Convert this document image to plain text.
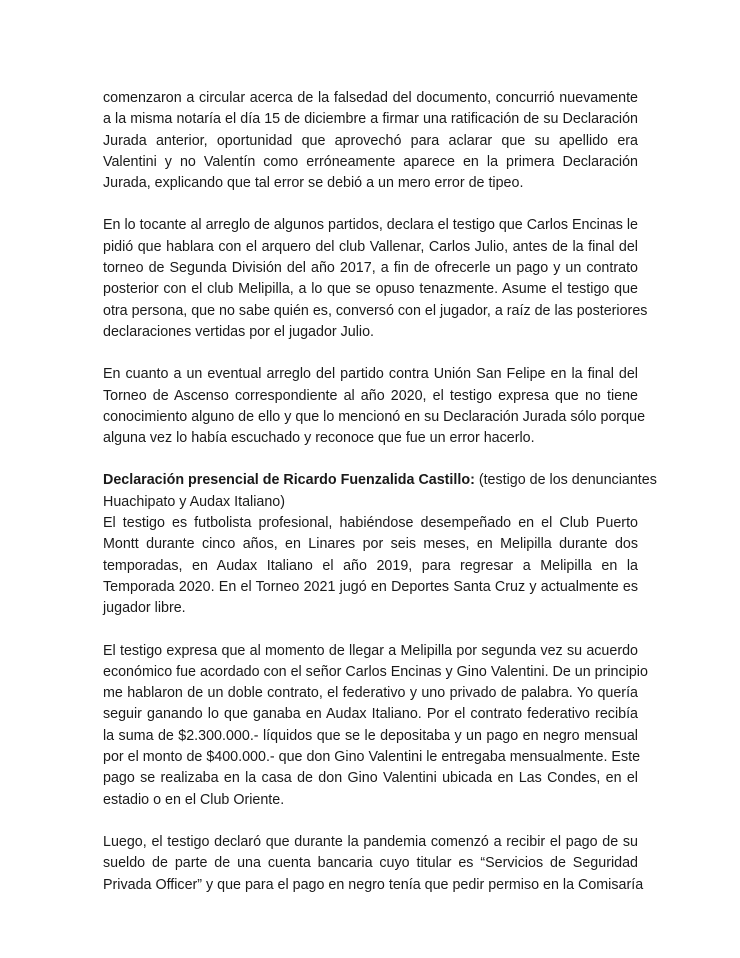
comenzaron a circular acerca de la falsedad del documento, concurrió nuevamente
a la misma notaría el día 15 de diciembre a firmar una ratificación de su Declaración
Jurada anterior, oportunidad que aprovechó para aclarar que su apellido era
Valentini y no Valentín como erróneamente aparece en la primera Declaración
Jurada, explicando que tal error se debió a un mero error de tipeo.
En lo tocante al arreglo de algunos partidos, declara el testigo que Carlos Encinas le
pidió que hablara con el arquero del club Vallenar, Carlos Julio, antes de la final del
torneo de Segunda División del año 2017, a fin de ofrecerle un pago y un contrato
posterior con el club Melipilla, a lo que se opuso tenazmente. Asume el testigo que
otra persona, que no sabe quién es, conversó con el jugador, a raíz de las posteriores
declaraciones vertidas por el jugador Julio.
En cuanto a un eventual arreglo del partido contra Unión San Felipe en la final del
Torneo de Ascenso correspondiente al año 2020, el testigo expresa que no tiene
conocimiento alguno de ello y que lo mencionó en su Declaración Jurada sólo porque
alguna vez lo había escuchado y reconoce que fue un error hacerlo.
Declaración presencial de Ricardo Fuenzalida Castillo: (testigo de los denunciantes
Huachipato y Audax Italiano)
El testigo es futbolista profesional, habiéndose desempeñado en el Club Puerto
Montt durante cinco años, en Linares por seis meses, en Melipilla durante dos
temporadas, en Audax Italiano el año 2019, para regresar a Melipilla en la
Temporada 2020. En el Torneo 2021 jugó en Deportes Santa Cruz y actualmente es
jugador libre.
El testigo expresa que al momento de llegar a Melipilla por segunda vez su acuerdo
económico fue acordado con el señor Carlos Encinas y Gino Valentini. De un principio
me hablaron de un doble contrato, el federativo y uno privado de palabra. Yo quería
seguir ganando lo que ganaba en Audax Italiano. Por el contrato federativo recibía
la suma de $2.300.000.- líquidos que se le depositaba y un pago en negro mensual
por el monto de $400.000.- que don Gino Valentini le entregaba mensualmente. Este
pago se realizaba en la casa de don Gino Valentini ubicada en Las Condes, en el
estadio o en el Club Oriente.
Luego, el testigo declaró que durante la pandemia comenzó a recibir el pago de su
sueldo de parte de una cuenta bancaria cuyo titular es “Servicios de Seguridad
Privada Officer” y que para el pago en negro tenía que pedir permiso en la Comisaría
